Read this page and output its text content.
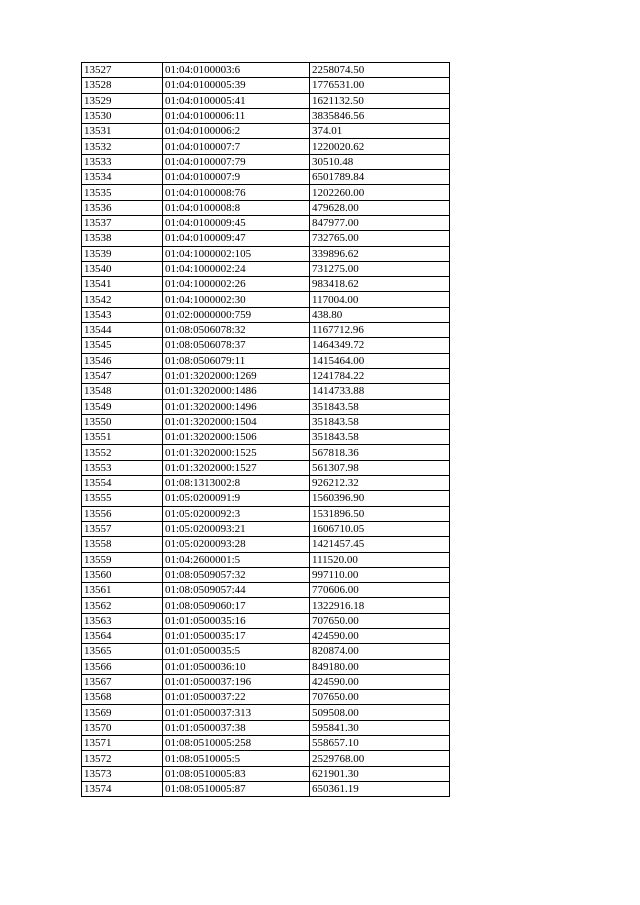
13527	01:04:0100003:6	2258074.50
13528	01:04:0100005:39	1776531.00
13529	01:04:0100005:41	1621132.50
13530	01:04:0100006:11	3835846.56
13531	01:04:0100006:2	374.01
13532	01:04:0100007:7	1220020.62
13533	01:04:0100007:79	30510.48
13534	01:04:0100007:9	6501789.84
13535	01:04:0100008:76	1202260.00
13536	01:04:0100008:8	479628.00
13537	01:04:0100009:45	847977.00
13538	01:04:0100009:47	732765.00
13539	01:04:1000002:105	339896.62
13540	01:04:1000002:24	731275.00
13541	01:04:1000002:26	983418.62
13542	01:04:1000002:30	117004.00
13543	01:02:0000000:759	438.80
13544	01:08:0506078:32	1167712.96
13545	01:08:0506078:37	1464349.72
13546	01:08:0506079:11	1415464.00
13547	01:01:3202000:1269	1241784.22
13548	01:01:3202000:1486	1414733.88
13549	01:01:3202000:1496	351843.58
13550	01:01:3202000:1504	351843.58
13551	01:01:3202000:1506	351843.58
13552	01:01:3202000:1525	567818.36
13553	01:01:3202000:1527	561307.98
13554	01:08:1313002:8	926212.32
13555	01:05:0200091:9	1560396.90
13556	01:05:0200092:3	1531896.50
13557	01:05:0200093:21	1606710.05
13558	01:05:0200093:28	1421457.45
13559	01:04:2600001:5	111520.00
13560	01:08:0509057:32	997110.00
13561	01:08:0509057:44	770606.00
13562	01:08:0509060:17	1322916.18
13563	01:01:0500035:16	707650.00
13564	01:01:0500035:17	424590.00
13565	01:01:0500035:5	820874.00
13566	01:01:0500036:10	849180.00
13567	01:01:0500037:196	424590.00
13568	01:01:0500037:22	707650.00
13569	01:01:0500037:313	509508.00
13570	01:01:0500037:38	595841.30
13571	01:08:0510005:258	558657.10
13572	01:08:0510005:5	2529768.00
13573	01:08:0510005:83	621901.30
13574	01:08:0510005:87	650361.19
